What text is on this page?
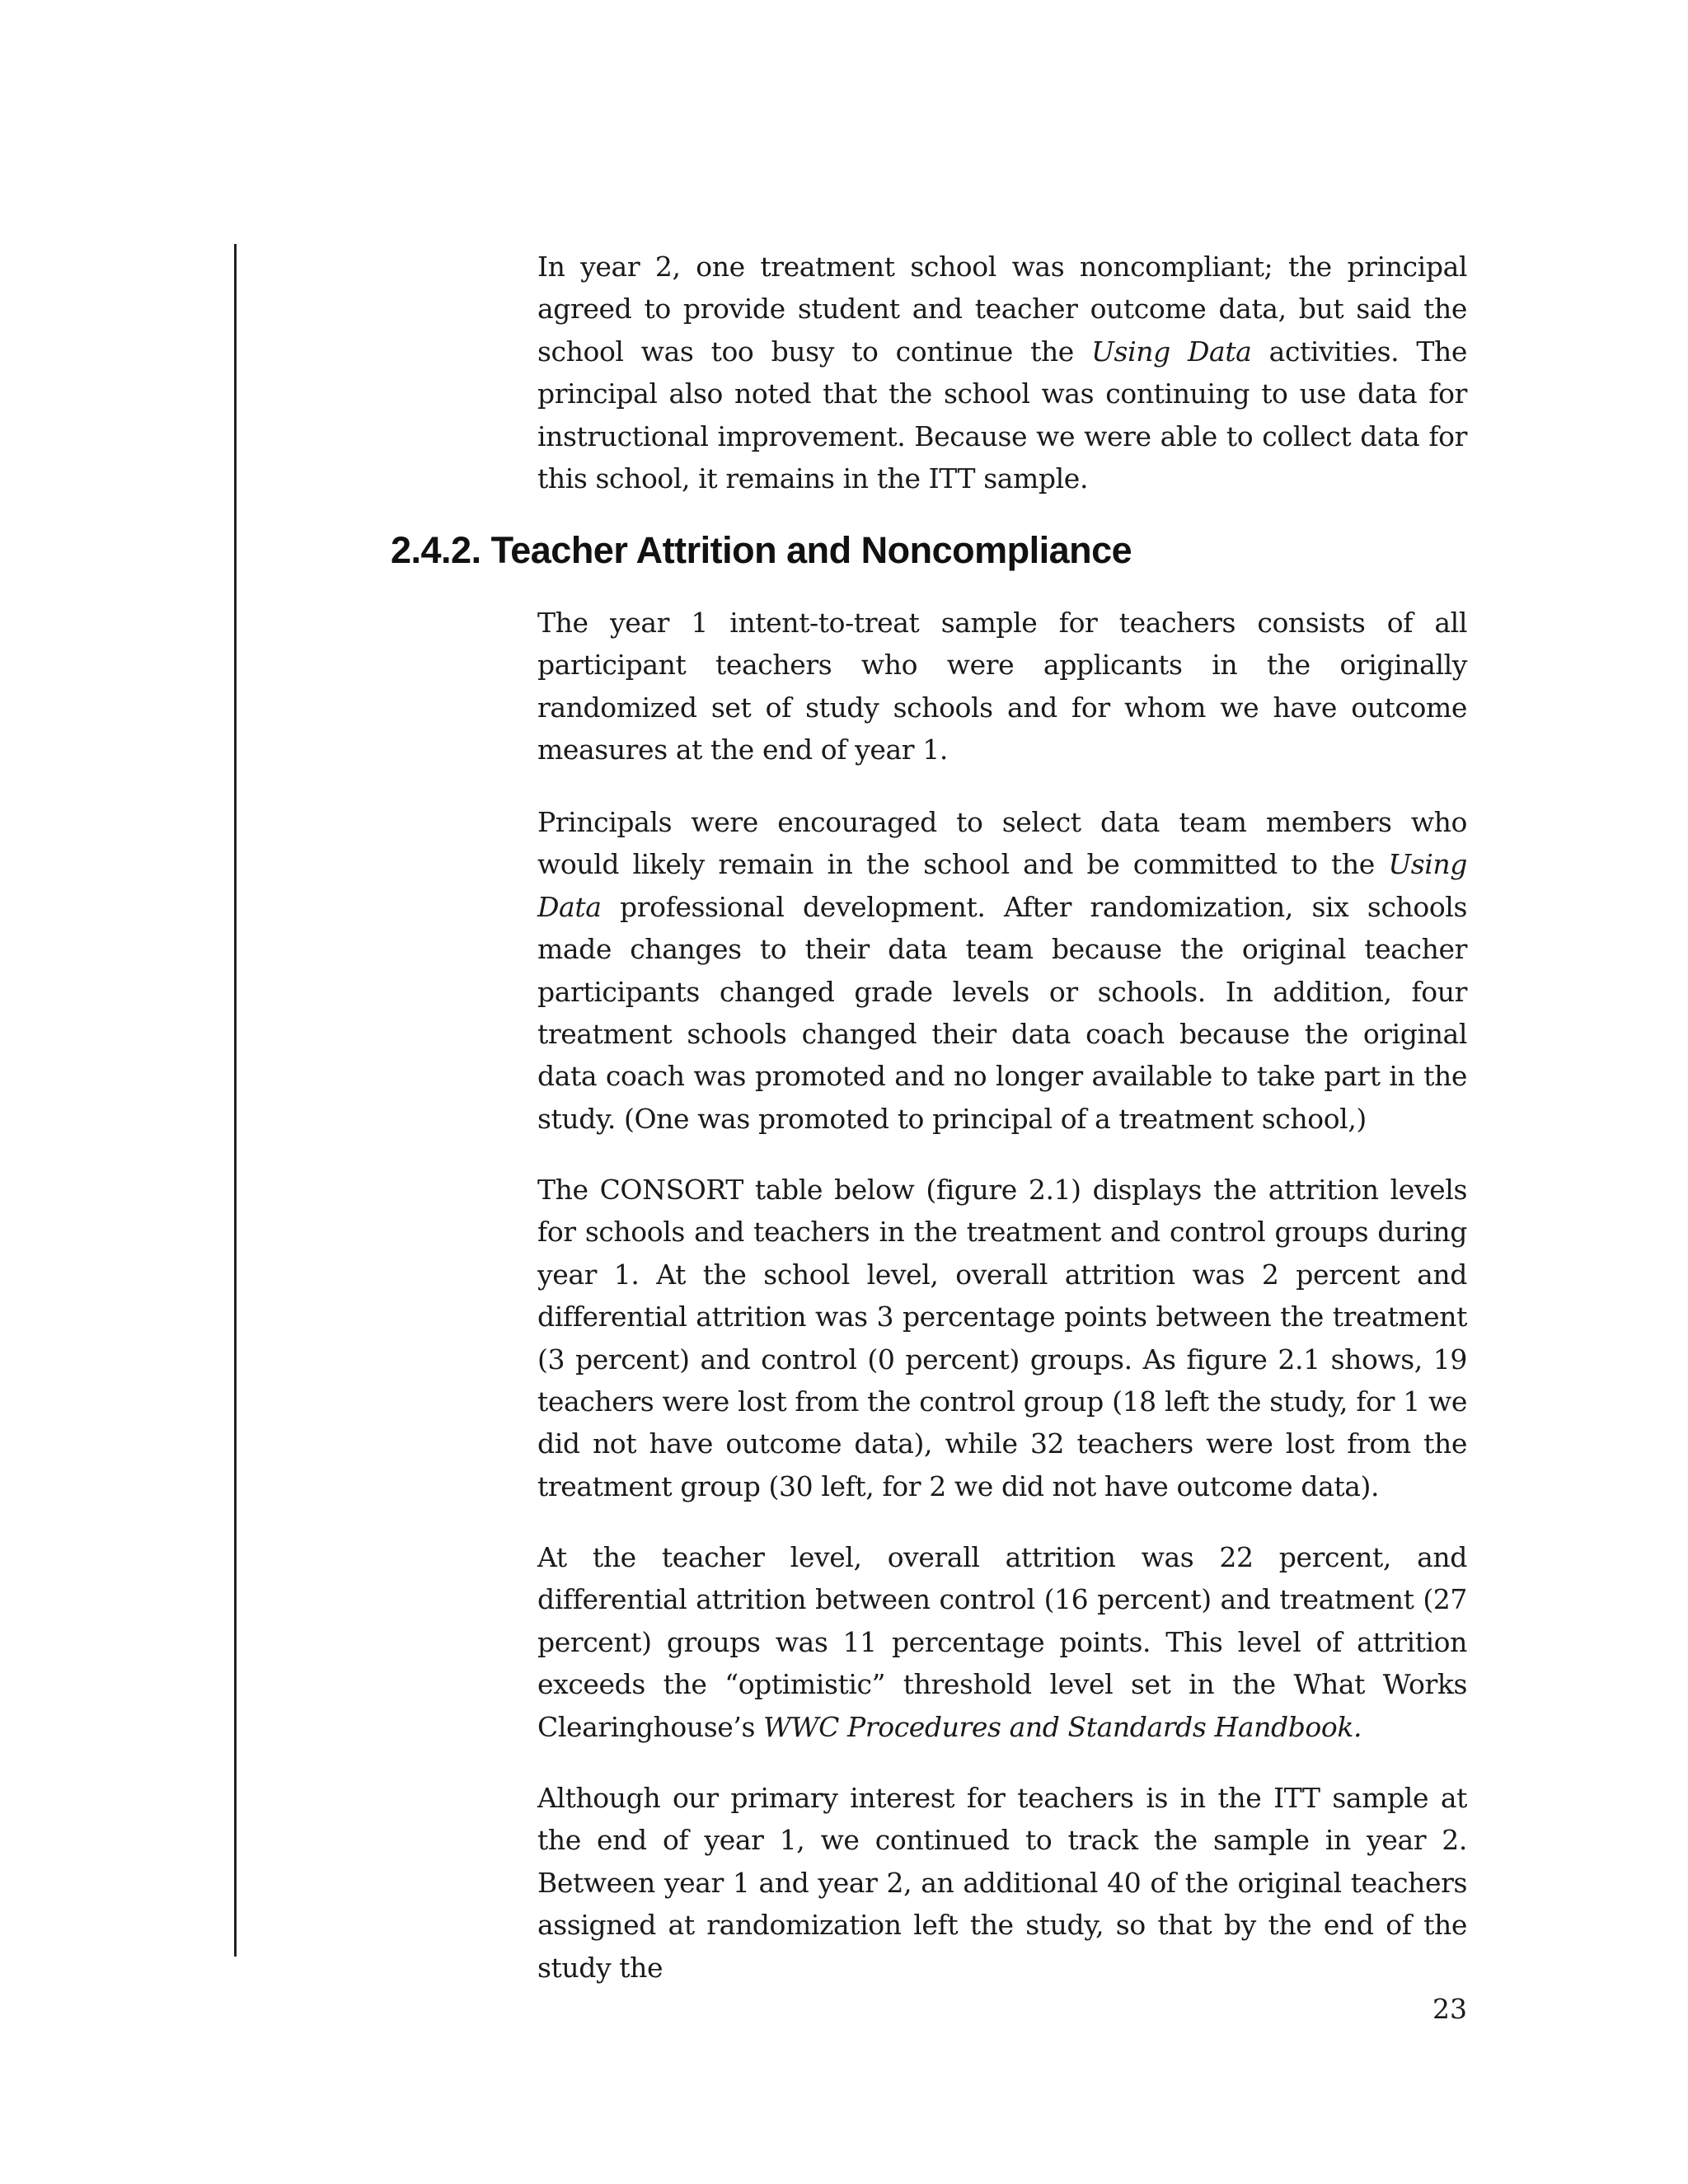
In year 2, one treatment school was noncompliant; the principal agreed to provide student and teacher outcome data, but said the school was too busy to continue the Using Data activities. The principal also noted that the school was continuing to use data for instructional improvement. Because we were able to collect data for this school, it remains in the ITT sample.

2.4.2. Teacher Attrition and Noncompliance

The year 1 intent-to-treat sample for teachers consists of all participant teachers who were applicants in the originally randomized set of study schools and for whom we have outcome measures at the end of year 1.

Principals were encouraged to select data team members who would likely remain in the school and be committed to the Using Data professional development. After randomization, six schools made changes to their data team because the original teacher participants changed grade levels or schools. In addition, four treatment schools changed their data coach because the original data coach was promoted and no longer available to take part in the study. (One was promoted to principal of a treatment school,)

The CONSORT table below (figure 2.1) displays the attrition levels for schools and teachers in the treatment and control groups during year 1. At the school level, overall attrition was 2 percent and differential attrition was 3 percentage points between the treatment (3 percent) and control (0 percent) groups. As figure 2.1 shows, 19 teachers were lost from the control group (18 left the study, for 1 we did not have outcome data), while 32 teachers were lost from the treatment group (30 left, for 2 we did not have outcome data).

At the teacher level, overall attrition was 22 percent, and differential attrition between control (16 percent) and treatment (27 percent) groups was 11 percentage points. This level of attrition exceeds the “optimistic” threshold level set in the What Works Clearinghouse’s WWC Procedures and Standards Handbook.

Although our primary interest for teachers is in the ITT sample at the end of year 1, we continued to track the sample in year 2. Between year 1 and year 2, an additional 40 of the original teachers assigned at randomization left the study, so that by the end of the study the

23
